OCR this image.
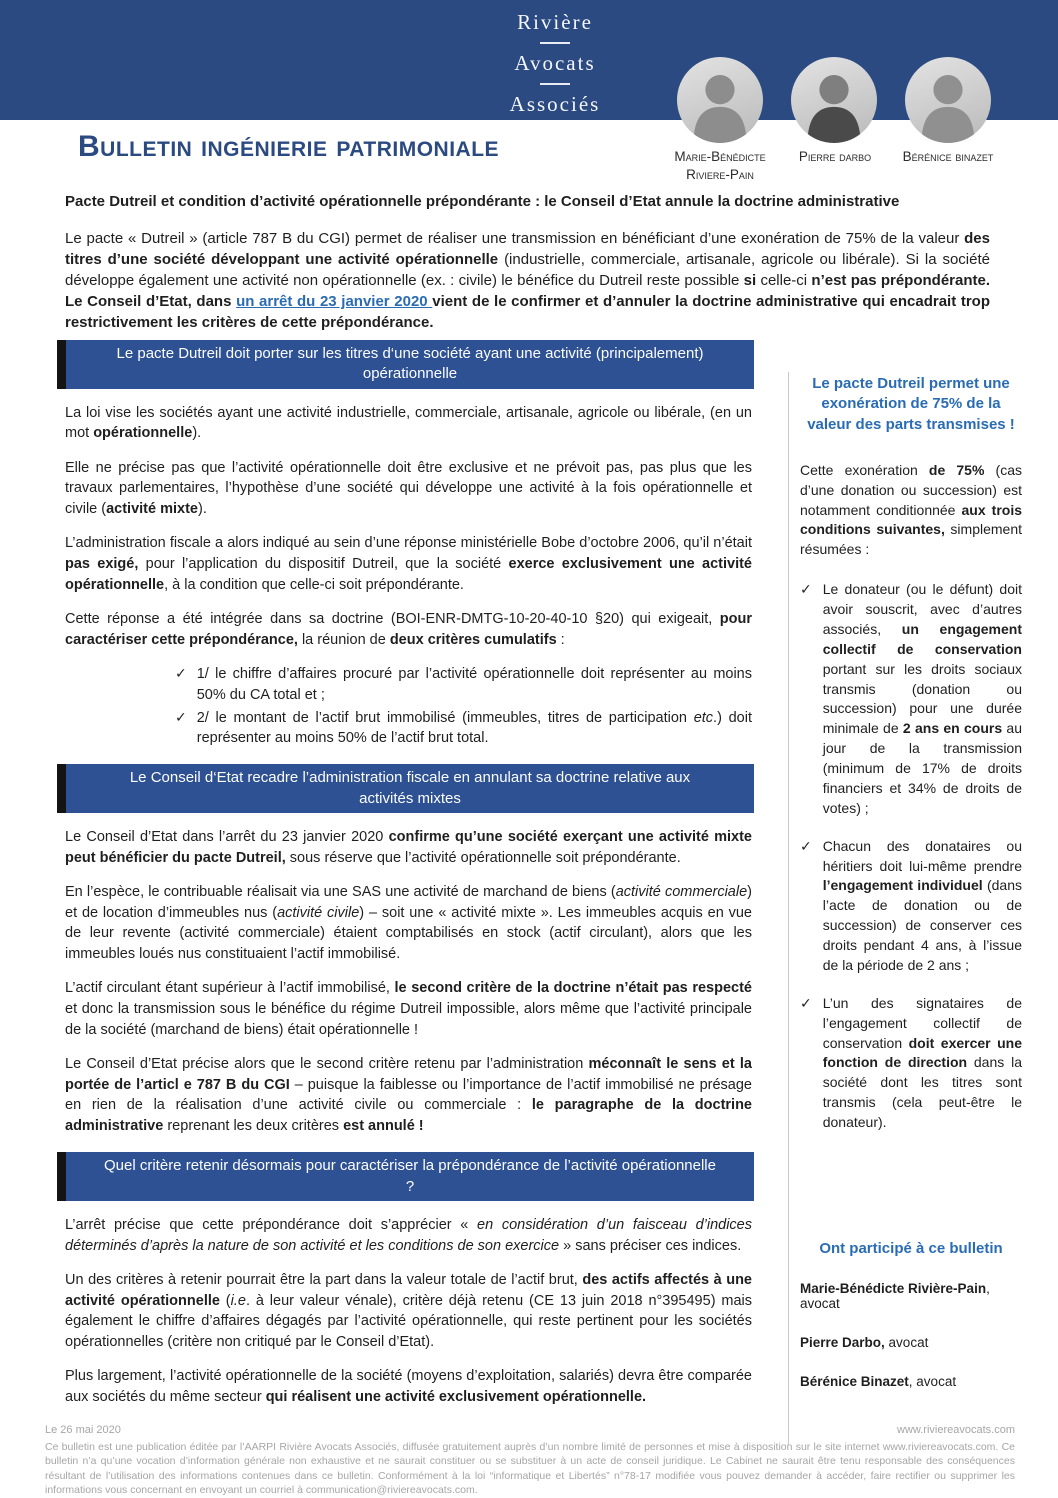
Rivière
Avocats
Associés
Marie-Bénédicte
Riviere-Pain
Pierre darbo	Bérénice binazet
Bulletin ingénierie patrimoniale
Pacte Dutreil et condition d’activité opérationnelle prépondérante : le Conseil d’Etat annule la doctrine administrative

Le pacte « Dutreil » (article 787 B du CGI) permet de réaliser une transmission en bénéficiant d’une exonération de 75% de la valeur des titres d’une société développant une activité opérationnelle (industrielle, commerciale, artisanale, agricole ou libérale). Si la société développe également une activité non opérationnelle (ex. : civile) le bénéfice du Dutreil reste possible si celle-ci n’est pas prépondérante. Le Conseil d’Etat, dans un arrêt du 23 janvier 2020 vient de le confirmer et d’annuler la doctrine administrative qui encadrait trop restrictivement les critères de cette prépondérance.

Le pacte Dutreil doit porter sur les titres d‘une société ayant une activité (principalement) opérationnelle

La loi vise les sociétés ayant une activité industrielle, commerciale, artisanale, agricole ou libérale, (en un mot opérationnelle).

Elle ne précise pas que l’activité opérationnelle doit être exclusive et ne prévoit pas, pas plus que les travaux parlementaires, l’hypothèse d’une société qui développe une activité à la fois opérationnelle et civile (activité mixte).

L’administration fiscale a alors indiqué au sein d’une réponse ministérielle Bobe d’octobre 2006, qu’il n’était pas exigé, pour l’application du dispositif Dutreil, que la société exerce exclusivement une activité opérationnelle, à la condition que celle-ci soit prépondérante.

Cette réponse a été intégrée dans sa doctrine (BOI-ENR-DMTG-10-20-40-10 §20) qui exigeait, pour caractériser cette prépondérance, la réunion de deux critères cumulatifs :

✓ 1/ le chiffre d’affaires procuré par l’activité opérationnelle doit représenter au moins 50% du CA total et ;
✓ 2/ le montant de l’actif brut immobilisé (immeubles, titres de participation etc.) doit représenter au moins 50% de l’actif brut total.
Le Conseil d‘Etat recadre l’administration fiscale en annulant sa doctrine relative aux activités mixtes

Le Conseil d’Etat dans l’arrêt du 23 janvier 2020 confirme qu’une société exerçant une activité mixte peut bénéficier du pacte Dutreil, sous réserve que l’activité opérationnelle soit prépondérante.

En l’espèce, le contribuable réalisait via une SAS une activité de marchand de biens (activité commerciale) et de location d’immeubles nus (activité civile) – soit une « activité mixte ». Les immeubles acquis en vue de leur revente (activité commerciale) étaient comptabilisés en stock (actif circulant), alors que les immeubles loués nus constituaient l’actif immobilisé.

L’actif circulant étant supérieur à l’actif immobilisé, le second critère de la doctrine n’était pas respecté et donc la transmission sous le bénéfice du régime Dutreil impossible, alors même que l’activité principale de la société (marchand de biens) était opérationnelle !

Le Conseil d’Etat précise alors que le second critère retenu par l’administration méconnaît le sens et la portée de l’articl e 787 B du CGI – puisque la faiblesse ou l’importance de l’actif immobilisé ne présage en rien de la réalisation d’une activité civile ou commerciale : le paragraphe de la doctrine administrative reprenant les deux critères est annulé !

Quel critère retenir désormais pour caractériser la prépondérance de l’activité opérationnelle ?

L’arrêt précise que cette prépondérance doit s’apprécier « en considération d’un faisceau d’indices déterminés d’après la nature de son activité et les conditions de son exercice » sans préciser ces indices.

Un des critères à retenir pourrait être la part dans la valeur totale de l’actif brut, des actifs affectés à une activité opérationnelle (i.e. à leur valeur vénale), critère déjà retenu (CE 13 juin 2018 n°395495) mais également le chiffre d’affaires dégagés par l’activité opérationnelle, qui reste pertinent pour les sociétés opérationnelles (critère non critiqué par le Conseil d’Etat).

Plus largement, l’activité opérationnelle de la société (moyens d’exploitation, salariés) devra être comparée aux sociétés du même secteur qui réalisent une activité exclusivement opérationnelle.

Le pacte Dutreil permet une exonération de 75% de la valeur des parts transmises !
Cette exonération de 75% (cas d’une donation ou succession) est notamment conditionnée aux trois conditions suivantes, simplement résumées :
✓ Le donateur (ou le défunt) doit avoir souscrit, avec d’autres associés, un engagement collectif de conservation portant sur les droits sociaux transmis (donation ou succession) pour une durée minimale de 2 ans en cours au jour de la transmission (minimum de 17% de droits financiers et 34% de droits de votes) ;
✓ Chacun des donataires ou héritiers doit lui-même prendre l’engagement individuel (dans l’acte de donation ou de succession) de conserver ces droits pendant 4 ans, à l’issue de la période de 2 ans ;
✓ L’un des signataires de l’engagement collectif de conservation doit exercer une fonction de direction dans la société dont les titres sont transmis (cela peut-être le donateur).
Ont participé à ce bulletin
Marie-Bénédicte Rivière-Pain, avocat
Pierre Darbo, avocat
Bérénice Binazet, avocat
Le 26 mai 2020	www.riviereavocats.com
Ce bulletin est une publication éditée par l’AARPI Rivière Avocats Associés, diffusée gratuitement auprès d’un nombre limité de personnes et mise à disposition sur le site internet www.riviereavocats.com. Ce bulletin n’a qu’une vocation d’information générale non exhaustive et ne saurait constituer ou se substituer à un acte de conseil juridique. Le Cabinet ne saurait être tenu responsable des conséquences résultant de l’utilisation des informations contenues dans ce bulletin. Conformément à la loi “informatique et Libertés” n°78-17 modifiée vous pouvez demander à accéder, faire rectifier ou supprimer les informations vous concernant en envoyant un courriel à communication@riviereavocats.com.
